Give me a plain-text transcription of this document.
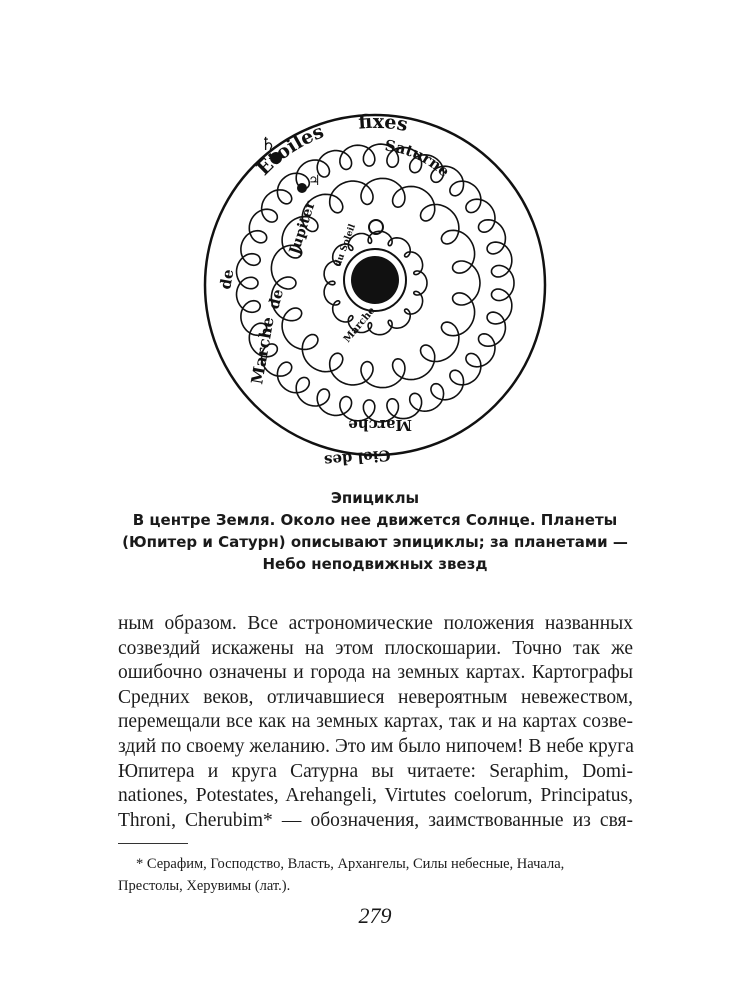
♄
♃
Etoiles fixes
Saturne
Jupiter
Marche
de
de
Marche
du Soleil
Marche
Ciel des
Эпициклы
В центре Земля. Около нее движется Солнце. Планеты
(Юпитер и Сатурн) описывают эпициклы; за планетами —
Небо неподвижных звезд
ным образом. Все астрономические положения названных
созвездий искажены на этом плоскошарии. Точно так же
ошибочно означены и города на земных картах. Картографы
Средних веков, отличавшиеся невероятным невежеством,
перемещали все как на земных картах, так и на картах созве-
здий по своему желанию. Это им было нипочем! В небе круга
Юпитера и круга Сатурна вы читаете: Seraphim, Domi-
nationes, Potestates, Arehangeli, Virtutes coelorum, Principatus,
Throni, Cherubim* — обозначения, заимствованные из свя-
* Серафим, Господство, Власть, Архангелы, Силы небесные, Начала,
Престолы, Херувимы (лат.).
279
